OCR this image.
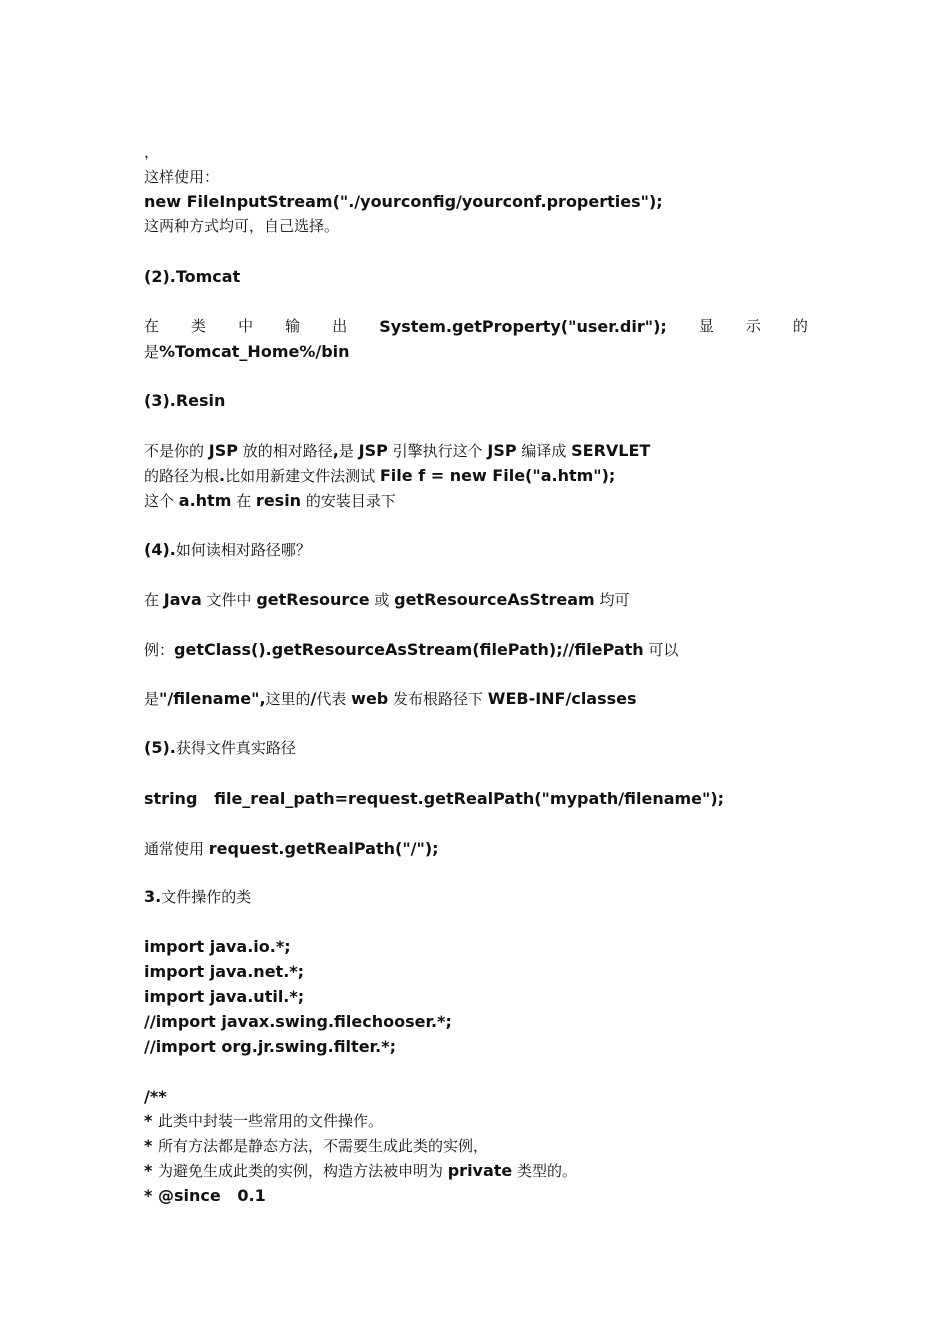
，
这样使用：
new FileInputStream("./yourconfig/yourconf.properties");
这两种方式均可，自己选择。
(2).Tomcat
在 类 中 输 出 System.getProperty("user.dir"); 显 示 的
是%Tomcat_Home%/bin
(3).Resin
不是你的 JSP 放的相对路径,是 JSP 引擎执行这个 JSP 编译成 SERVLET
的路径为根.比如用新建文件法测试 File f = new File("a.htm");
这个 a.htm 在 resin 的安装目录下
(4).如何读相对路径哪？
在 Java 文件中 getResource 或 getResourceAsStream 均可
例：getClass().getResourceAsStream(filePath);//filePath 可以
是"/filename",这里的/代表 web 发布根路径下 WEB-INF/classes
(5).获得文件真实路径
string   file_real_path=request.getRealPath("mypath/filename");
通常使用 request.getRealPath("/");
3.文件操作的类
import java.io.*;
import java.net.*;
import java.util.*;
//import javax.swing.filechooser.*;
//import org.jr.swing.filter.*;
/**
* 此类中封装一些常用的文件操作。
* 所有方法都是静态方法，不需要生成此类的实例，
* 为避免生成此类的实例，构造方法被申明为 private 类型的。
* @since   0.1
